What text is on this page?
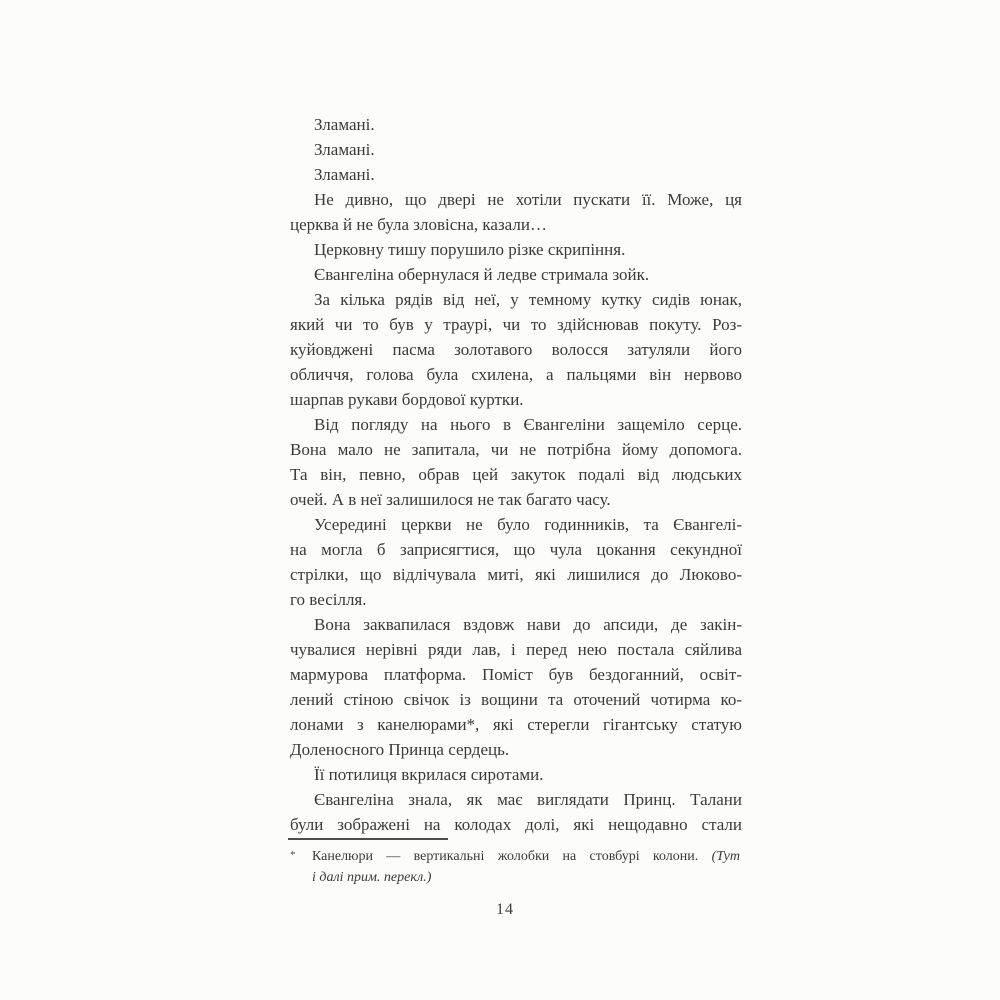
Зламані.
Зламані.
Зламані.
Не дивно, що двері не хотіли пускати її. Може, ця
церква й не була зловісна, казали…
Церковну тишу порушило різке скрипіння.
Євангеліна обернулася й ледве стримала зойк.
За кілька рядів від неї, у темному кутку сидів юнак,
який чи то був у траурі, чи то здійснював покуту. Роз-
куйовджені пасма золотавого волосся затуляли його
обличчя, голова була схилена, а пальцями він нервово
шарпав рукави бордової куртки.
Від погляду на нього в Євангеліни защеміло серце.
Вона мало не запитала, чи не потрібна йому допомога.
Та він, певно, обрав цей закуток подалі від людських
очей. А в неї залишилося не так багато часу.
Усередині церкви не було годинників, та Євангелі-
на могла б заприсягтися, що чула цокання секундної
стрілки, що відлічувала миті, які лишилися до Люково-
го весілля.
Вона заквапилася вздовж нави до апсиди, де закін-
чувалися нерівні ряди лав, і перед нею постала сяйлива
мармурова платформа. Поміст був бездоганний, освіт-
лений стіною свічок із вощини та оточений чотирма ко-
лонами з канелюрами*, які стерегли гігантську статую
Доленосного Принца сердець.
Її потилиця вкрилася сиротами.
Євангеліна знала, як має виглядати Принц. Талани
були зображені на колодах долі, які нещодавно стали
* Канелюри — вертикальні жолобки на стовбурі колони. (Тут
і далі прим. перекл.)
14
